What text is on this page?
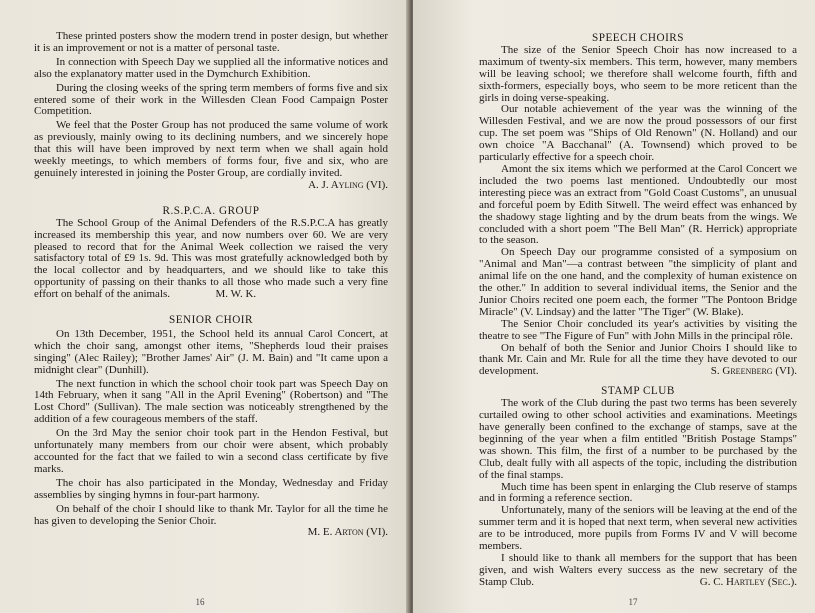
These printed posters show the modern trend in poster design, but whether it is an improvement or not is a matter of personal taste.

In connection with Speech Day we supplied all the informative notices and also the explanatory matter used in the Dymchurch Exhibition.

During the closing weeks of the spring term members of forms five and six entered some of their work in the Willesden Clean Food Campaign Poster Competition.

We feel that the Poster Group has not produced the same volume of work as previously, mainly owing to its declining numbers, and we sincerely hope that this will have been improved by next term when we shall again hold weekly meetings, to which members of forms four, five and six, who are genuinely interested in joining the Poster Group, are cordially invited.

A. J. Ayling (VI).

R.S.P.C.A. GROUP

The School Group of the Animal Defenders of the R.S.P.C.A has greatly increased its membership this year, and now numbers over 60. We are very pleased to record that for the Animal Week collection we raised the very satisfactory total of £9 1s. 9d. This was most gratefully acknowledged both by the local collector and by headquarters, and we should like to take this opportunity of passing on their thanks to all those who made such a very fine effort on behalf of the animals.	M. W. K.

SENIOR CHOIR

On 13th December, 1951, the School held its annual Carol Concert, at which the choir sang, amongst other items, "Shepherds loud their praises singing" (Alec Railey); "Brother James' Air" (J. M. Bain) and "It came upon a midnight clear" (Dunhill).

The next function in which the school choir took part was Speech Day on 14th February, when it sang "All in the April Evening" (Robertson) and "The Lost Chord" (Sullivan). The male section was noticeably strengthened by the addition of a few courageous members of the staff.

On the 3rd May the senior choir took part in the Hendon Festival, but unfortunately many members from our choir were absent, which probably accounted for the fact that we failed to win a second class certificate by five marks.

The choir has also participated in the Monday, Wednesday and Friday assemblies by singing hymns in four-part harmony.

On behalf of the choir I should like to thank Mr. Taylor for all the time he has given to developing the Senior Choir.

M. E. Arton (VI).

16
SPEECH CHOIRS

The size of the Senior Speech Choir has now increased to a maximum of twenty-six members. This term, however, many members will be leaving school; we therefore shall welcome fourth, fifth and sixth-formers, especially boys, who seem to be more reticent than the girls in doing verse-speaking.

Our notable achievement of the year was the winning of the Willesden Festival, and we are now the proud possessors of our first cup. The set poem was "Ships of Old Renown" (N. Holland) and our own choice "A Bacchanal" (A. Townsend) which proved to be particularly effective for a speech choir.

Amont the six items which we performed at the Carol Concert we included the two poems last mentioned. Undoubtedly our most interesting piece was an extract from "Gold Coast Customs", an unusual and forceful poem by Edith Sitwell. The weird effect was enhanced by the shadowy stage lighting and by the drum beats from the wings. We concluded with a short poem "The Bell Man" (R. Herrick) appropriate to the season.

On Speech Day our programme consisted of a symposium on "Animal and Man"—a contrast between "the simplicity of plant and animal life on the one hand, and the complexity of human existence on the other." In addition to several individual items, the Senior and the Junior Choirs recited one poem each, the former "The Pontoon Bridge Miracle" (V. Lindsay) and the latter "The Tiger" (W. Blake).

The Senior Choir concluded its year's activities by visiting the theatre to see "The Figure of Fun" with John Mills in the principal rôle.

On behalf of both the Senior and Junior Choirs I should like to thank Mr. Cain and Mr. Rule for all the time they have devoted to our development.	S. Greenberg (VI).

STAMP CLUB

The work of the Club during the past two terms has been severely curtailed owing to other school activities and examinations. Meetings have generally been confined to the exchange of stamps, save at the beginning of the year when a film entitled "British Postage Stamps" was shown. This film, the first of a number to be purchased by the Club, dealt fully with all aspects of the topic, including the distribution of the final stamps.

Much time has been spent in enlarging the Club reserve of stamps and in forming a reference section.

Unfortunately, many of the seniors will be leaving at the end of the summer term and it is hoped that next term, when several new activities are to be introduced, more pupils from Forms IV and V will become members.

I should like to thank all members for the support that has been given, and wish Walters every success as the new secretary of the Stamp Club.	G. C. Hartley (Sec.).

17
